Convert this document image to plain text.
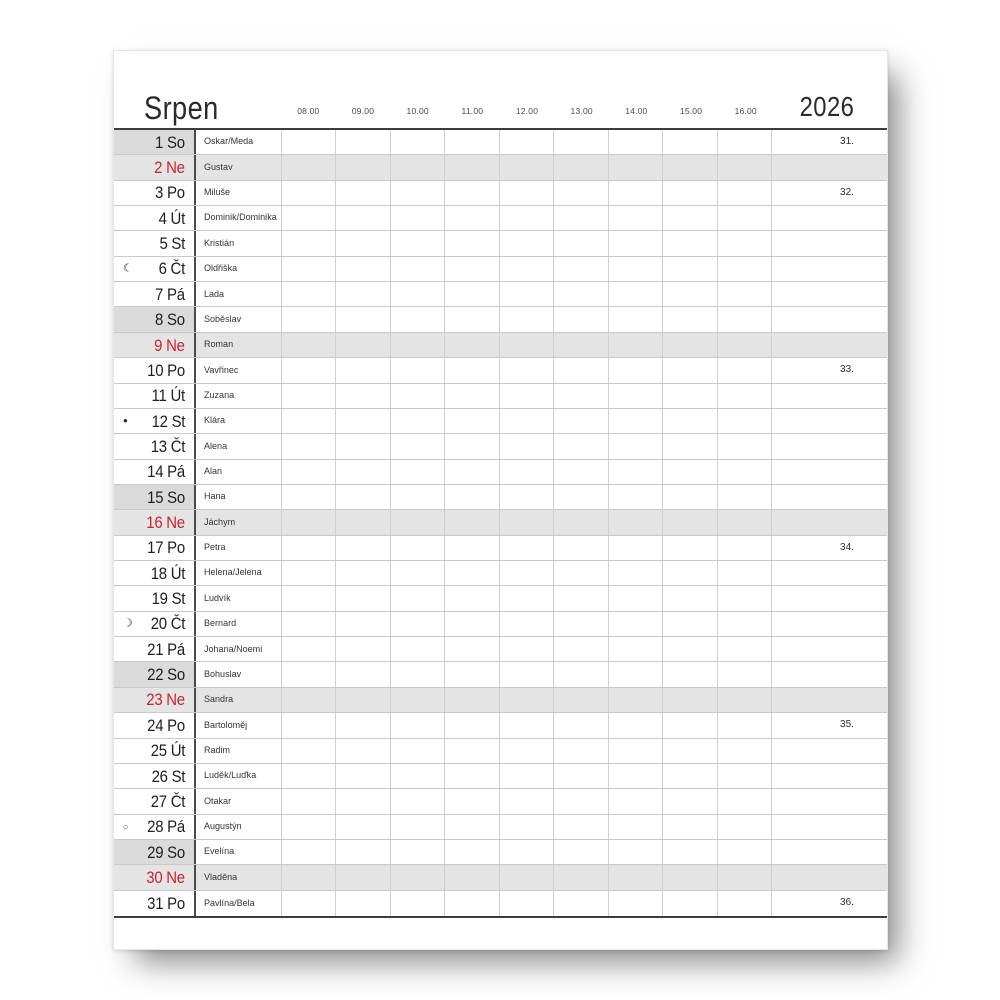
Srpen	08.00	09.00	10.00	11.00	12.00	13.00	14.00	15.00	16.00	2026
1 So Oskar/Meda	31.
2 Ne Gustav
3 Po Miluše	32.
4 Út Dominik/Dominika
5 St Kristián
☾ 6 Čt Oldřiška
7 Pá Lada
8 So Soběslav
9 Ne Roman
10 Po Vavřinec	33.
11 Út Zuzana
● 12 St Klára
13 Čt Alena
14 Pá Alan
15 So Hana
16 Ne Jáchym
17 Po Petra	34.
18 Út Helena/Jelena
19 St Ludvík
☽ 20 Čt Bernard
21 Pá Johana/Noemi
22 So Bohuslav
23 Ne Sandra
24 Po Bartoloměj	35.
25 Út Radim
26 St Luděk/Luďka
27 Čt Otakar
○ 28 Pá Augustýn
29 So Evelína
30 Ne Vladěna
31 Po Pavlína/Bela	36.
